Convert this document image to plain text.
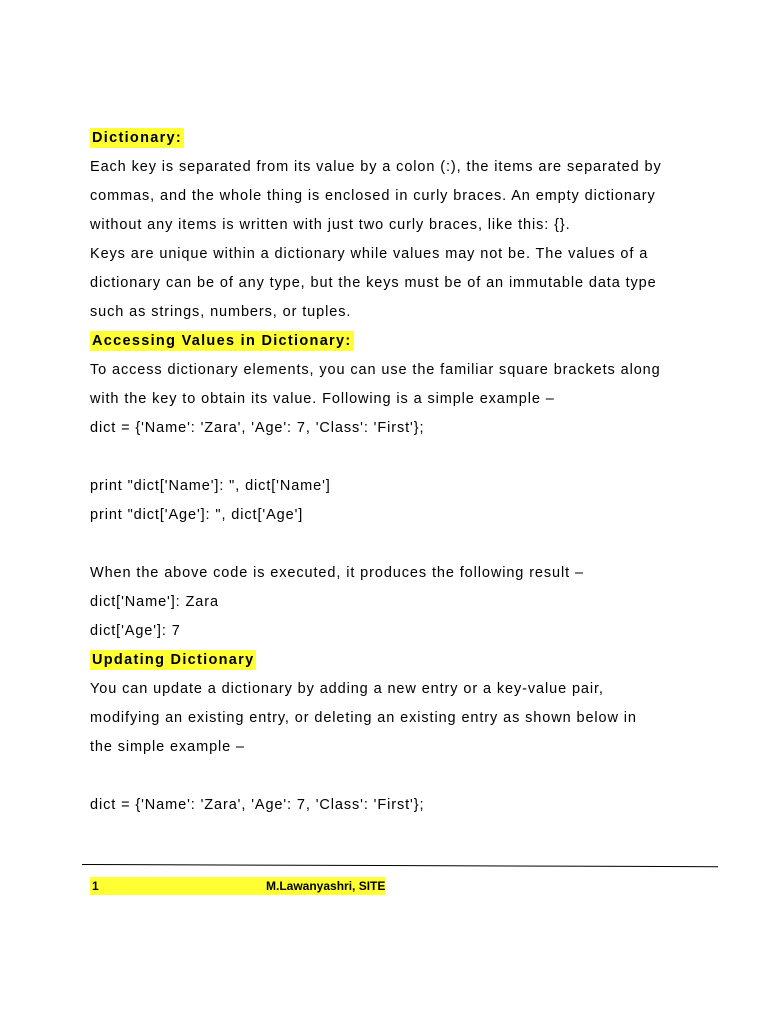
Dictionary:
Each key is separated from its value by a colon (:), the items are separated by
commas, and the whole thing is enclosed in curly braces. An empty dictionary
without any items is written with just two curly braces, like this: {}.
Keys are unique within a dictionary while values may not be. The values of a
dictionary can be of any type, but the keys must be of an immutable data type
such as strings, numbers, or tuples.
Accessing Values in Dictionary:
To access dictionary elements, you can use the familiar square brackets along
with the key to obtain its value. Following is a simple example –
dict = {'Name': 'Zara', 'Age': 7, 'Class': 'First'};
print "dict['Name']: ", dict['Name']
print "dict['Age']: ", dict['Age']
When the above code is executed, it produces the following result –
dict['Name']: Zara
dict['Age']: 7
Updating Dictionary
You can update a dictionary by adding a new entry or a key-value pair,
modifying an existing entry, or deleting an existing entry as shown below in
the simple example –
dict = {'Name': 'Zara', 'Age': 7, 'Class': 'First'};
1	M.Lawanyashri, SITE
